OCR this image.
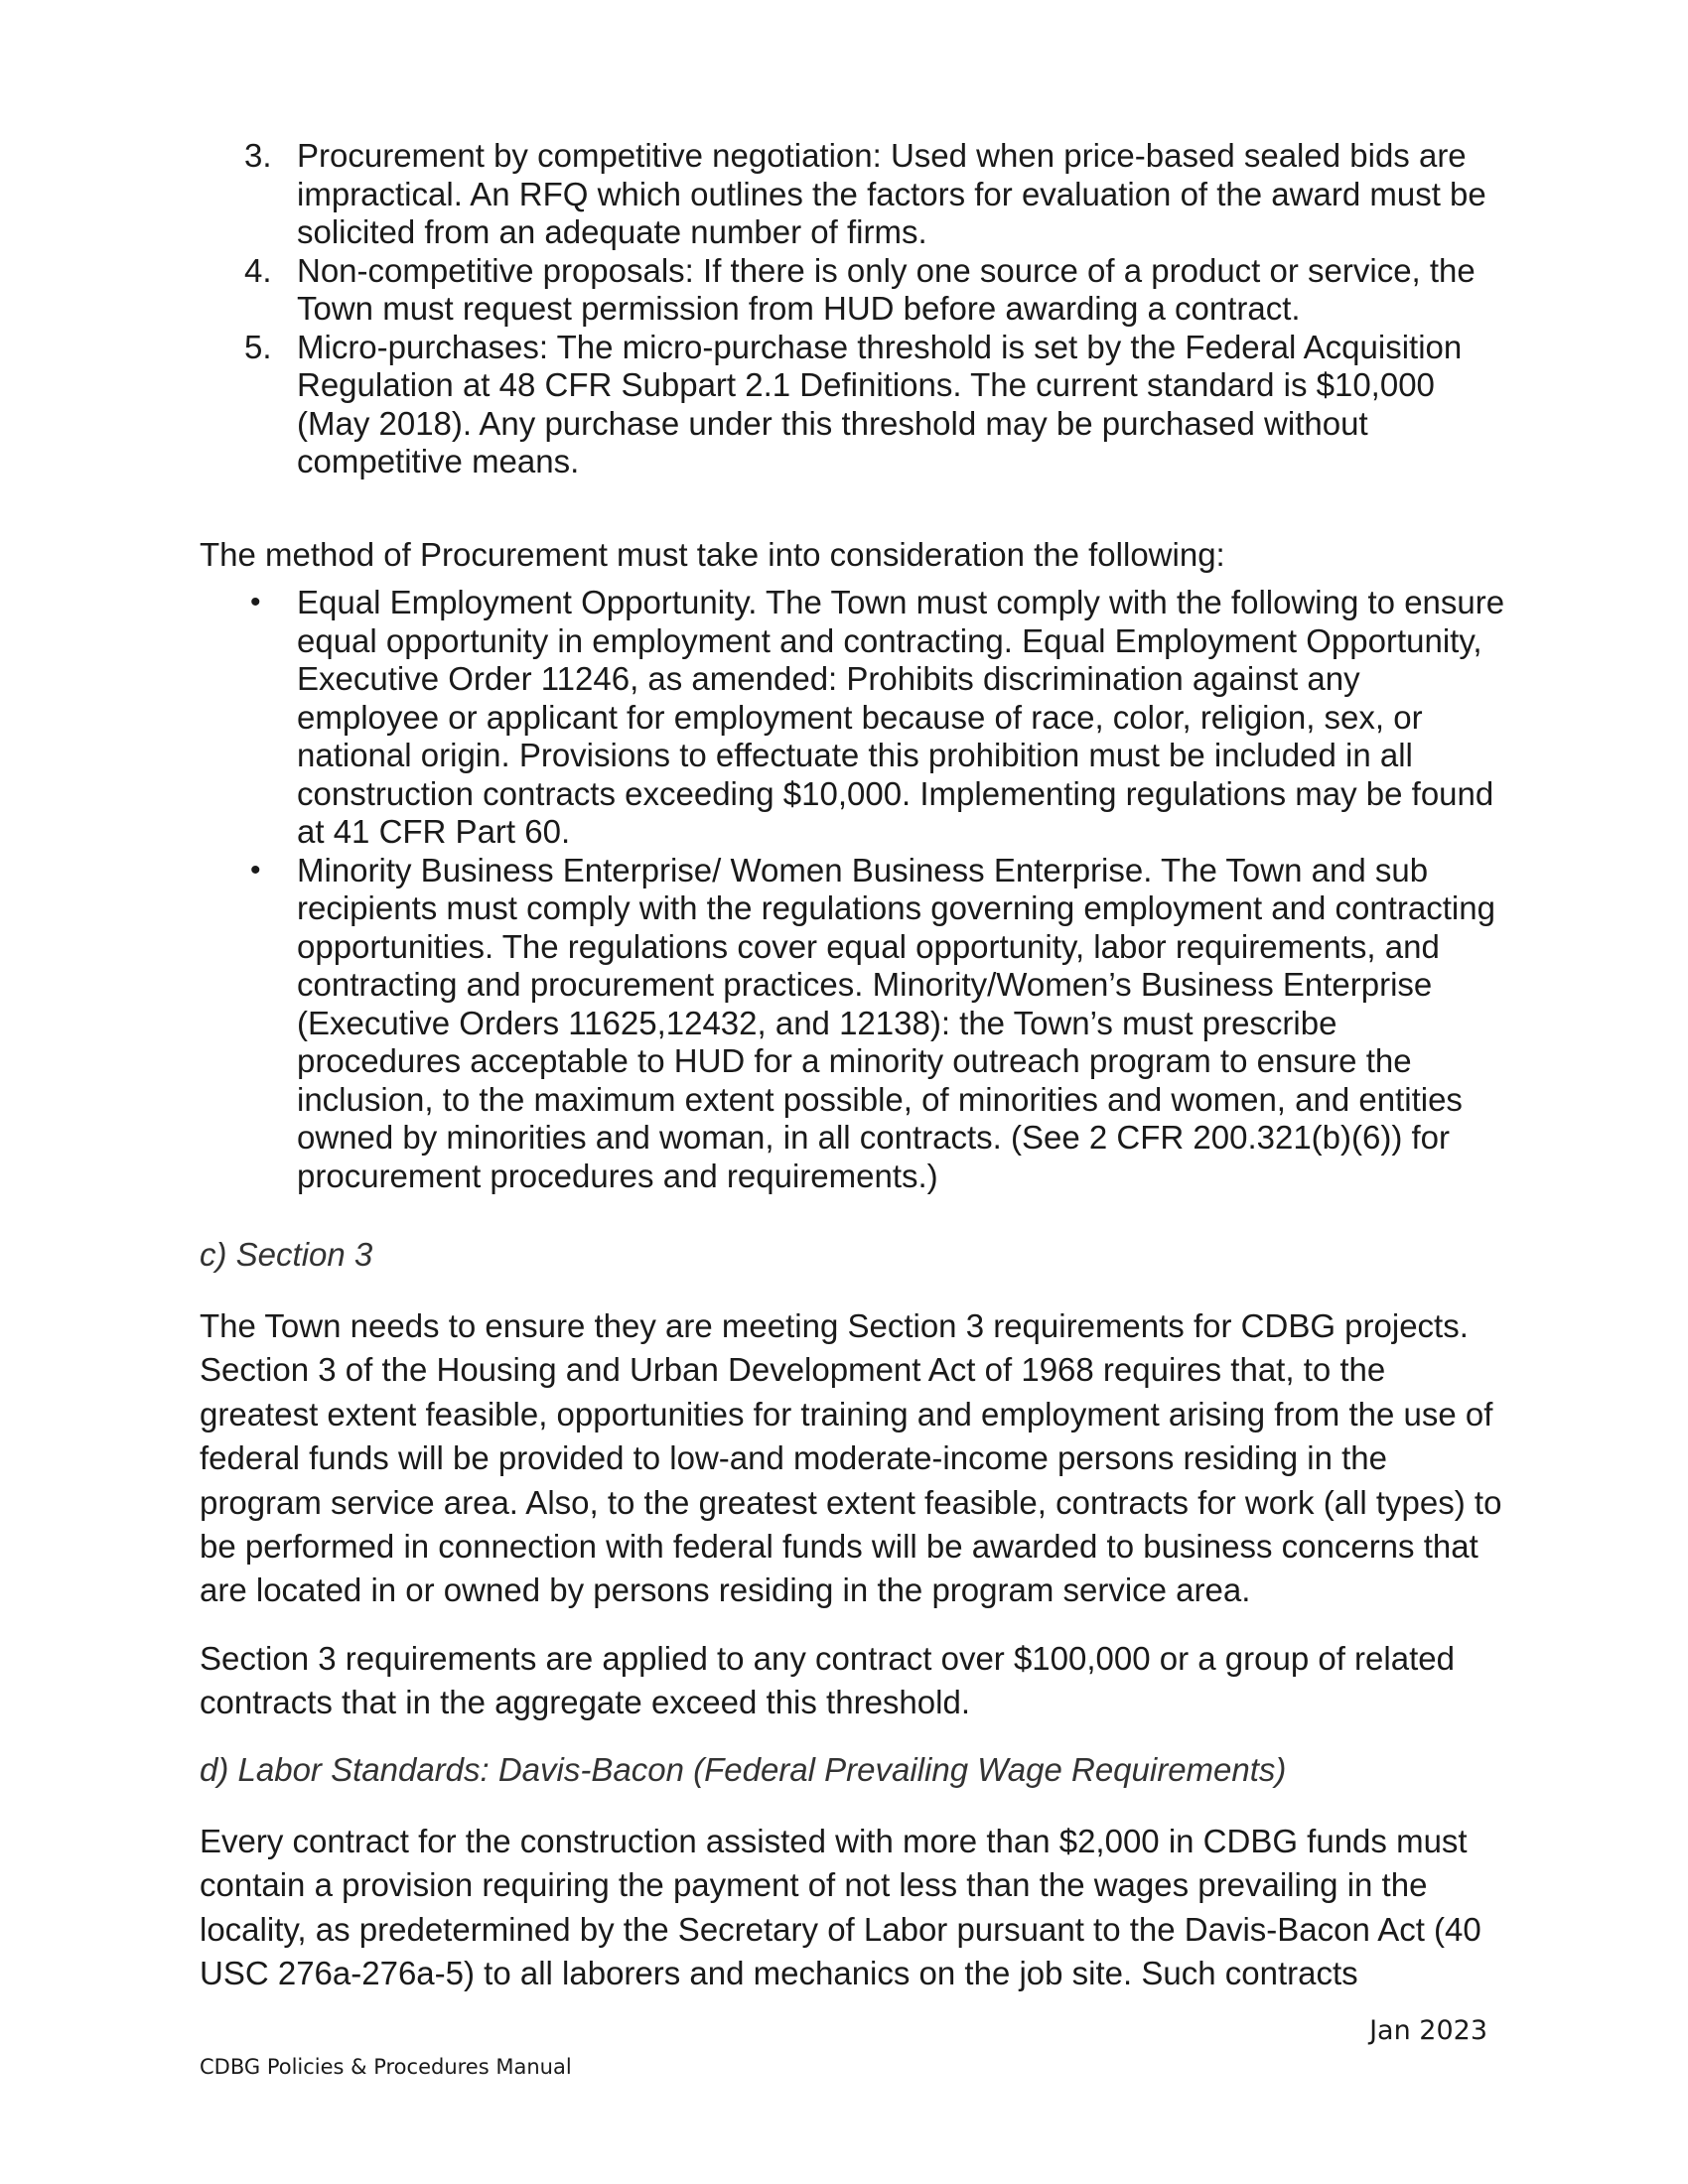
3. Procurement by competitive negotiation: Used when price-based sealed bids are impractical. An RFQ which outlines the factors for evaluation of the award must be solicited from an adequate number of firms.
4. Non-competitive proposals: If there is only one source of a product or service, the Town must request permission from HUD before awarding a contract.
5. Micro-purchases: The micro-purchase threshold is set by the Federal Acquisition Regulation at 48 CFR Subpart 2.1 Definitions. The current standard is $10,000 (May 2018). Any purchase under this threshold may be purchased without competitive means.
The method of Procurement must take into consideration the following:
• Equal Employment Opportunity. The Town must comply with the following to ensure equal opportunity in employment and contracting. Equal Employment Opportunity, Executive Order 11246, as amended: Prohibits discrimination against any employee or applicant for employment because of race, color, religion, sex, or national origin. Provisions to effectuate this prohibition must be included in all construction contracts exceeding $10,000. Implementing regulations may be found at 41 CFR Part 60.
• Minority Business Enterprise/ Women Business Enterprise. The Town and sub recipients must comply with the regulations governing employment and contracting opportunities. The regulations cover equal opportunity, labor requirements, and contracting and procurement practices. Minority/Women’s Business Enterprise (Executive Orders 11625,12432, and 12138): the Town’s must prescribe procedures acceptable to HUD for a minority outreach program to ensure the inclusion, to the maximum extent possible, of minorities and women, and entities owned by minorities and woman, in all contracts. (See 2 CFR 200.321(b)(6)) for procurement procedures and requirements.)
c) Section 3
The Town needs to ensure they are meeting Section 3 requirements for CDBG projects. Section 3 of the Housing and Urban Development Act of 1968 requires that, to the greatest extent feasible, opportunities for training and employment arising from the use of federal funds will be provided to low-and moderate-income persons residing in the program service area. Also, to the greatest extent feasible, contracts for work (all types) to be performed in connection with federal funds will be awarded to business concerns that are located in or owned by persons residing in the program service area.
Section 3 requirements are applied to any contract over $100,000 or a group of related contracts that in the aggregate exceed this threshold.
d) Labor Standards: Davis-Bacon (Federal Prevailing Wage Requirements)
Every contract for the construction assisted with more than $2,000 in CDBG funds must contain a provision requiring the payment of not less than the wages prevailing in the locality, as predetermined by the Secretary of Labor pursuant to the Davis-Bacon Act (40 USC 276a-276a-5) to all laborers and mechanics on the job site. Such contracts
Jan 2023
CDBG Policies & Procedures Manual
